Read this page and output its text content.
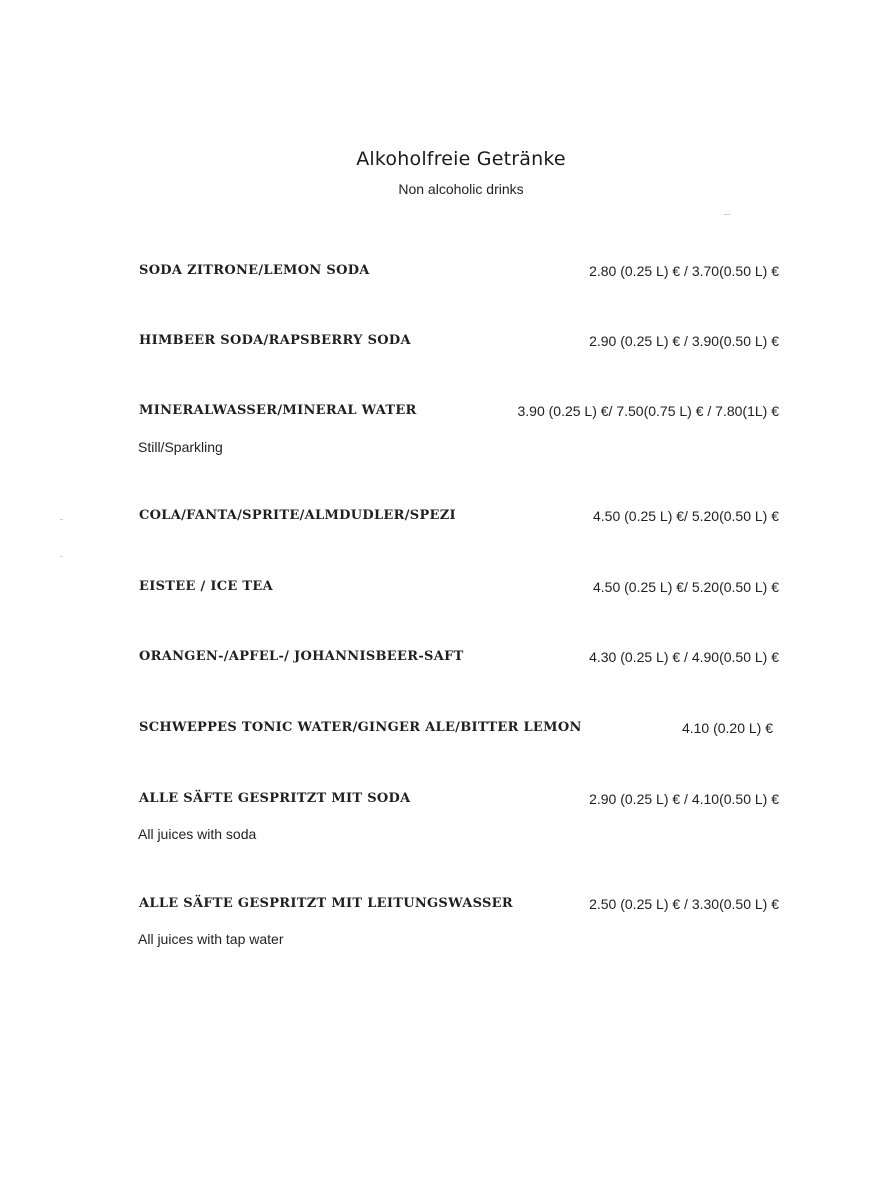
Alkoholfreie Getränke
Non alcoholic drinks
SODA ZITRONE/LEMON SODA	2.80 (0.25 L) € / 3.70(0.50 L) €
HIMBEER SODA/RAPSBERRY SODA	2.90 (0.25 L) € / 3.90(0.50 L) €
MINERALWASSER/MINERAL WATER	3.90 (0.25 L) €/ 7.50(0.75 L) € / 7.80(1L) €
Still/Sparkling
COLA/FANTA/SPRITE/ALMDUDLER/SPEZI	4.50 (0.25 L) €/ 5.20(0.50 L) €
EISTEE / ICE TEA	4.50 (0.25 L) €/ 5.20(0.50 L) €
ORANGEN-/APFEL-/ JOHANNISBEER-SAFT	4.30 (0.25 L) € / 4.90(0.50 L) €
SCHWEPPES TONIC WATER/GINGER ALE/BITTER LEMON	4.10 (0.20 L) €
ALLE SÄFTE GESPRITZT MIT SODA	2.90 (0.25 L) € / 4.10(0.50 L) €
All juices with soda
ALLE SÄFTE GESPRITZT MIT LEITUNGSWASSER	2.50 (0.25 L) € / 3.30(0.50 L) €
All juices with tap water
